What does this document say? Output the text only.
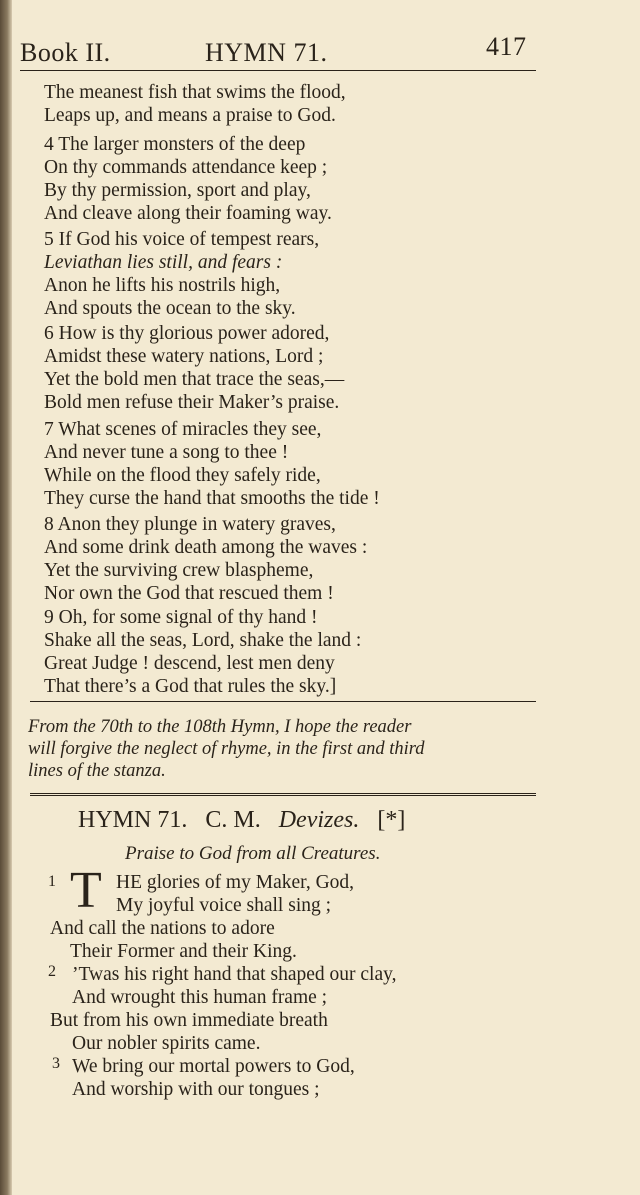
Book II.	HYMN 71.	417
The meanest fish that swims the flood,
Leaps up, and means a praise to God.
4 The larger monsters of the deep
On thy commands attendance keep ;
By thy permission, sport and play,
And cleave along their foaming way.
5 If God his voice of tempest rears,
Leviathan lies still, and fears :
Anon he lifts his nostrils high,
And spouts the ocean to the sky.
6 How is thy glorious power adored,
Amidst these watery nations, Lord ;
Yet the bold men that trace the seas,—
Bold men refuse their Maker’s praise.
7 What scenes of miracles they see,
And never tune a song to thee !
While on the flood they safely ride,
They curse the hand that smooths the tide !
8 Anon they plunge in watery graves,
And some drink death among the waves :
Yet the surviving crew blaspheme,
Nor own the God that rescued them !
9 Oh, for some signal of thy hand !
Shake all the seas, Lord, shake the land :
Great Judge ! descend, lest men deny
That there’s a God that rules the sky.]
From the 70th to the 108th Hymn, I hope the reader
will forgive the neglect of rhyme, in the first and third
lines of the stanza.
HYMN 71. C. M. Devizes. [*]
Praise to God from all Creatures.
1 T HE glories of my Maker, God,
My joyful voice shall sing ;
And call the nations to adore
Their Former and their King.
2 ’Twas his right hand that shaped our clay,
And wrought this human frame ;
But from his own immediate breath
Our nobler spirits came.
3 We bring our mortal powers to God,
And worship with our tongues ;
